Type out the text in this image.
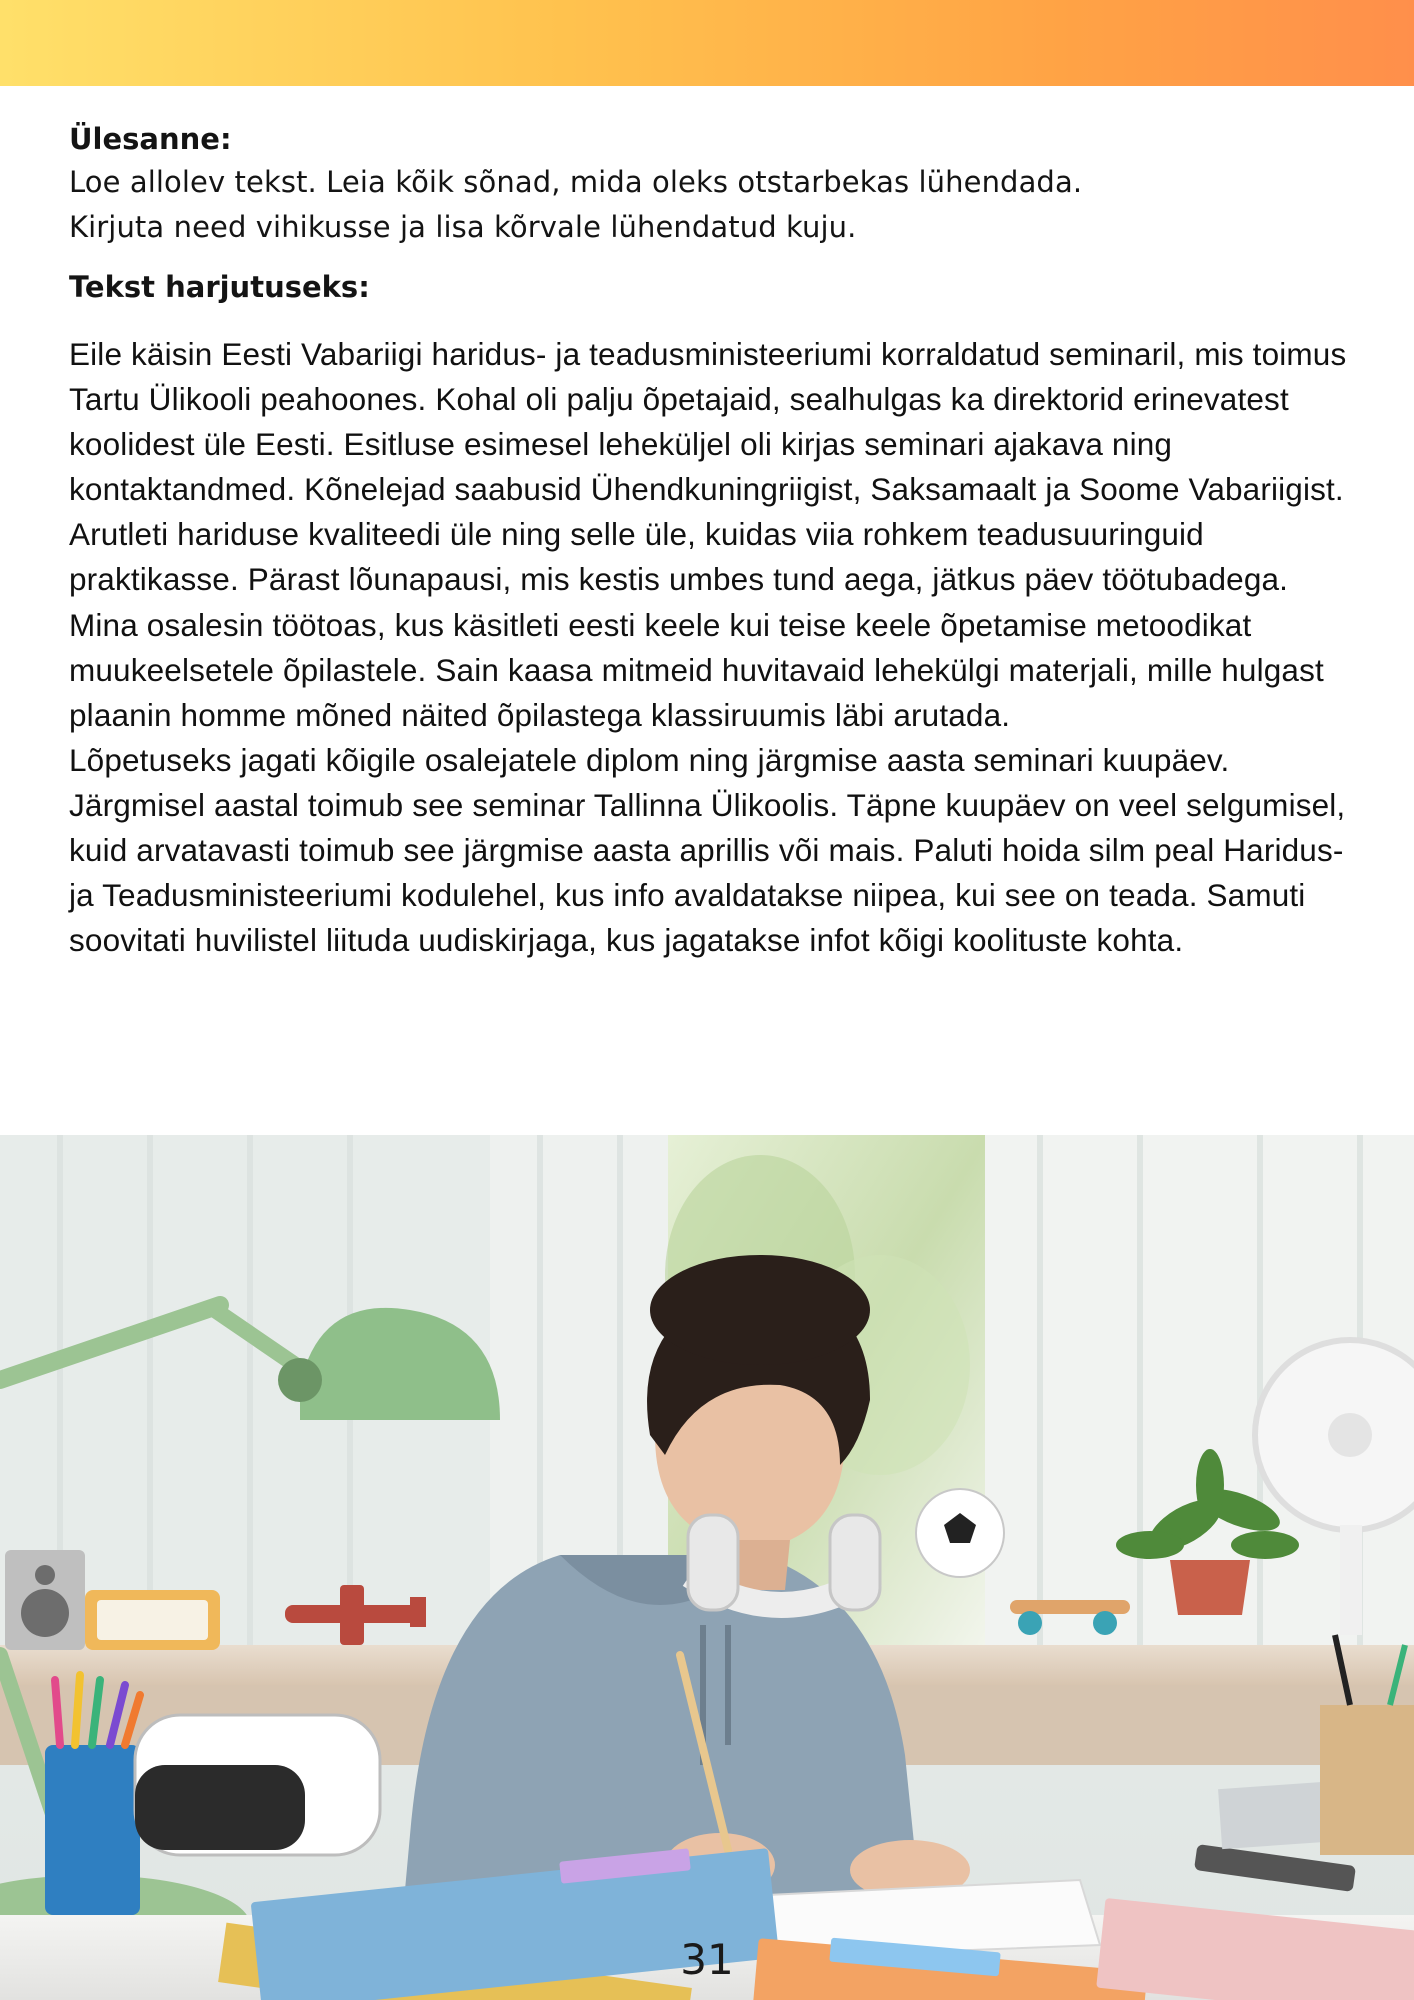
Ülesanne:

Loe allolev tekst. Leia kõik sõnad, mida oleks otstarbekas lühendada.

Kirjuta need vihikusse ja lisa kõrvale lühendatud kuju.

Tekst harjutuseks:

Eile käisin Eesti Vabariigi haridus- ja teadusministeeriumi korraldatud seminaril, mis toimus Tartu Ülikooli peahoones. Kohal oli palju õpetajaid, sealhulgas ka direktorid erinevatest koolidest üle Eesti. Esitluse esimesel leheküljel oli kirjas seminari ajakava ning kontaktandmed. Kõnelejad saabusid Ühendkuningriigist, Saksamaalt ja Soome Vabariigist. Arutleti hariduse kvaliteedi üle ning selle üle, kuidas viia rohkem teadusuuringuid praktikasse. Pärast lõunapausi, mis kestis umbes tund aega, jätkus päev töötubadega. Mina osalesin töötoas, kus käsitleti eesti keele kui teise keele õpetamise metoodikat muukeelsetele õpilastele. Sain kaasa mitmeid huvitavaid lehekülgi materjali, mille hulgast plaanin homme mõned näited õpilastega klassiruumis läbi arutada.

Lõpetuseks jagati kõigile osalejatele diplom ning järgmise aasta seminari kuupäev. Järgmisel aastal toimub see seminar Tallinna Ülikoolis. Täpne kuupäev on veel selgumisel, kuid arvatavasti toimub see järgmise aasta aprillis või mais. Paluti hoida silm peal Haridus- ja Teadusministeeriumi kodulehel, kus info avaldatakse niipea, kui see on teada. Samuti soovitati huvilistel liituda uudiskirjaga, kus jagatakse infot kõigi koolituste kohta.

31
